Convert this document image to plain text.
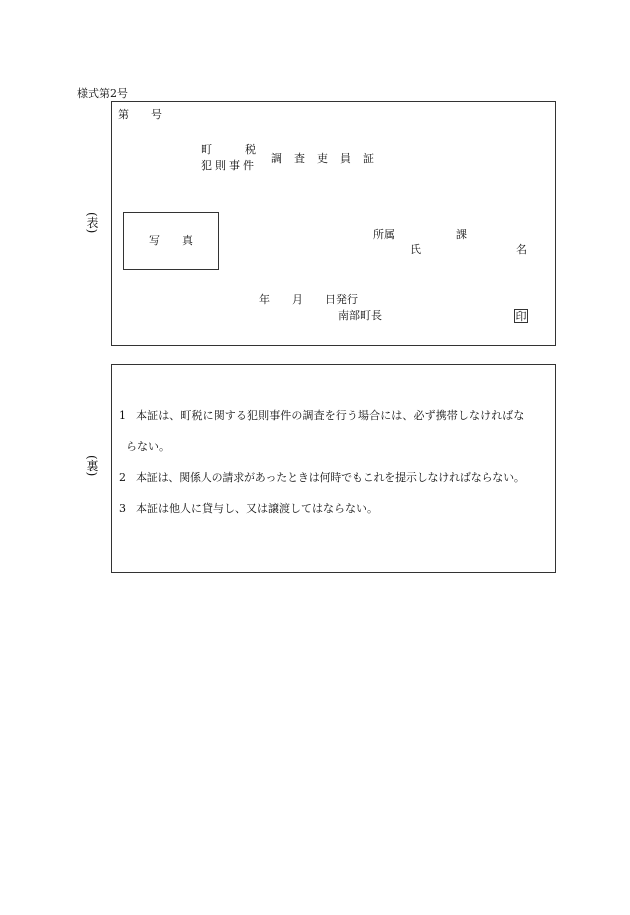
様式第2号
(表)
第　　号
町　　　税
犯則事件
調査吏員証
写　　真	所属	課
氏	名
年　　月　　日発行
南部町長	印
(裏)
1 本証は、町税に関する犯則事件の調査を行う場合には、必ず携帯しなければな
らない。
2 本証は、関係人の請求があったときは何時でもこれを提示しなければならない。
3 本証は他人に貸与し、又は譲渡してはならない。
